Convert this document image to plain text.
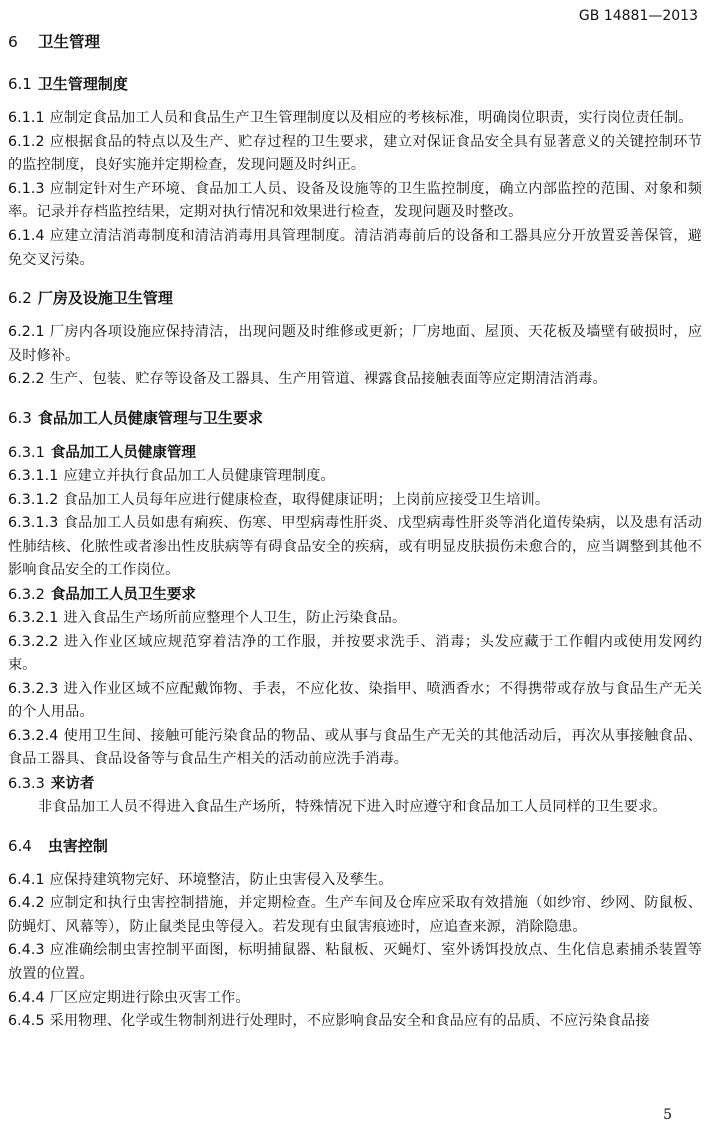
GB 14881—2013
6 卫生管理
6.1 卫生管理制度

6.1.1 应制定食品加工人员和食品生产卫生管理制度以及相应的考核标准，明确岗位职责，实行岗位责任制。

6.1.2 应根据食品的特点以及生产、贮存过程的卫生要求，建立对保证食品安全具有显著意义的关键控制环节的监控制度，良好实施并定期检查，发现问题及时纠正。

6.1.3 应制定针对生产环境、食品加工人员、设备及设施等的卫生监控制度，确立内部监控的范围、对象和频率。记录并存档监控结果，定期对执行情况和效果进行检查，发现问题及时整改。

6.1.4 应建立清洁消毒制度和清洁消毒用具管理制度。清洁消毒前后的设备和工器具应分开放置妥善保管，避免交叉污染。

6.2 厂房及设施卫生管理

6.2.1 厂房内各项设施应保持清洁，出现问题及时维修或更新；厂房地面、屋顶、天花板及墙壁有破损时，应及时修补。

6.2.2 生产、包装、贮存等设备及工器具、生产用管道、裸露食品接触表面等应定期清洁消毒。

6.3 食品加工人员健康管理与卫生要求
6.3.1 食品加工人员健康管理

6.3.1.1 应建立并执行食品加工人员健康管理制度。

6.3.1.2 食品加工人员每年应进行健康检查，取得健康证明；上岗前应接受卫生培训。

6.3.1.3 食品加工人员如患有痢疾、伤寒、甲型病毒性肝炎、戊型病毒性肝炎等消化道传染病，以及患有活动性肺结核、化脓性或者渗出性皮肤病等有碍食品安全的疾病，或有明显皮肤损伤未愈合的，应当调整到其他不影响食品安全的工作岗位。

6.3.2 食品加工人员卫生要求

6.3.2.1 进入食品生产场所前应整理个人卫生，防止污染食品。

6.3.2.2 进入作业区域应规范穿着洁净的工作服，并按要求洗手、消毒；头发应藏于工作帽内或使用发网约束。

6.3.2.3 进入作业区域不应配戴饰物、手表，不应化妆、染指甲、喷洒香水；不得携带或存放与食品生产无关的个人用品。

6.3.2.4 使用卫生间、接触可能污染食品的物品、或从事与食品生产无关的其他活动后，再次从事接触食品、食品工器具、食品设备等与食品生产相关的活动前应洗手消毒。

6.3.3 来访者

非食品加工人员不得进入食品生产场所，特殊情况下进入时应遵守和食品加工人员同样的卫生要求。

6.4 虫害控制

6.4.1 应保持建筑物完好、环境整洁，防止虫害侵入及孳生。

6.4.2 应制定和执行虫害控制措施，并定期检查。生产车间及仓库应采取有效措施（如纱帘、纱网、防鼠板、防蝇灯、风幕等），防止鼠类昆虫等侵入。若发现有虫鼠害痕迹时，应追查来源，消除隐患。

6.4.3 应准确绘制虫害控制平面图，标明捕鼠器、粘鼠板、灭蝇灯、室外诱饵投放点、生化信息素捕杀装置等放置的位置。

6.4.4 厂区应定期进行除虫灭害工作。

6.4.5 采用物理、化学或生物制剂进行处理时，不应影响食品安全和食品应有的品质、不应污染食品接

5
